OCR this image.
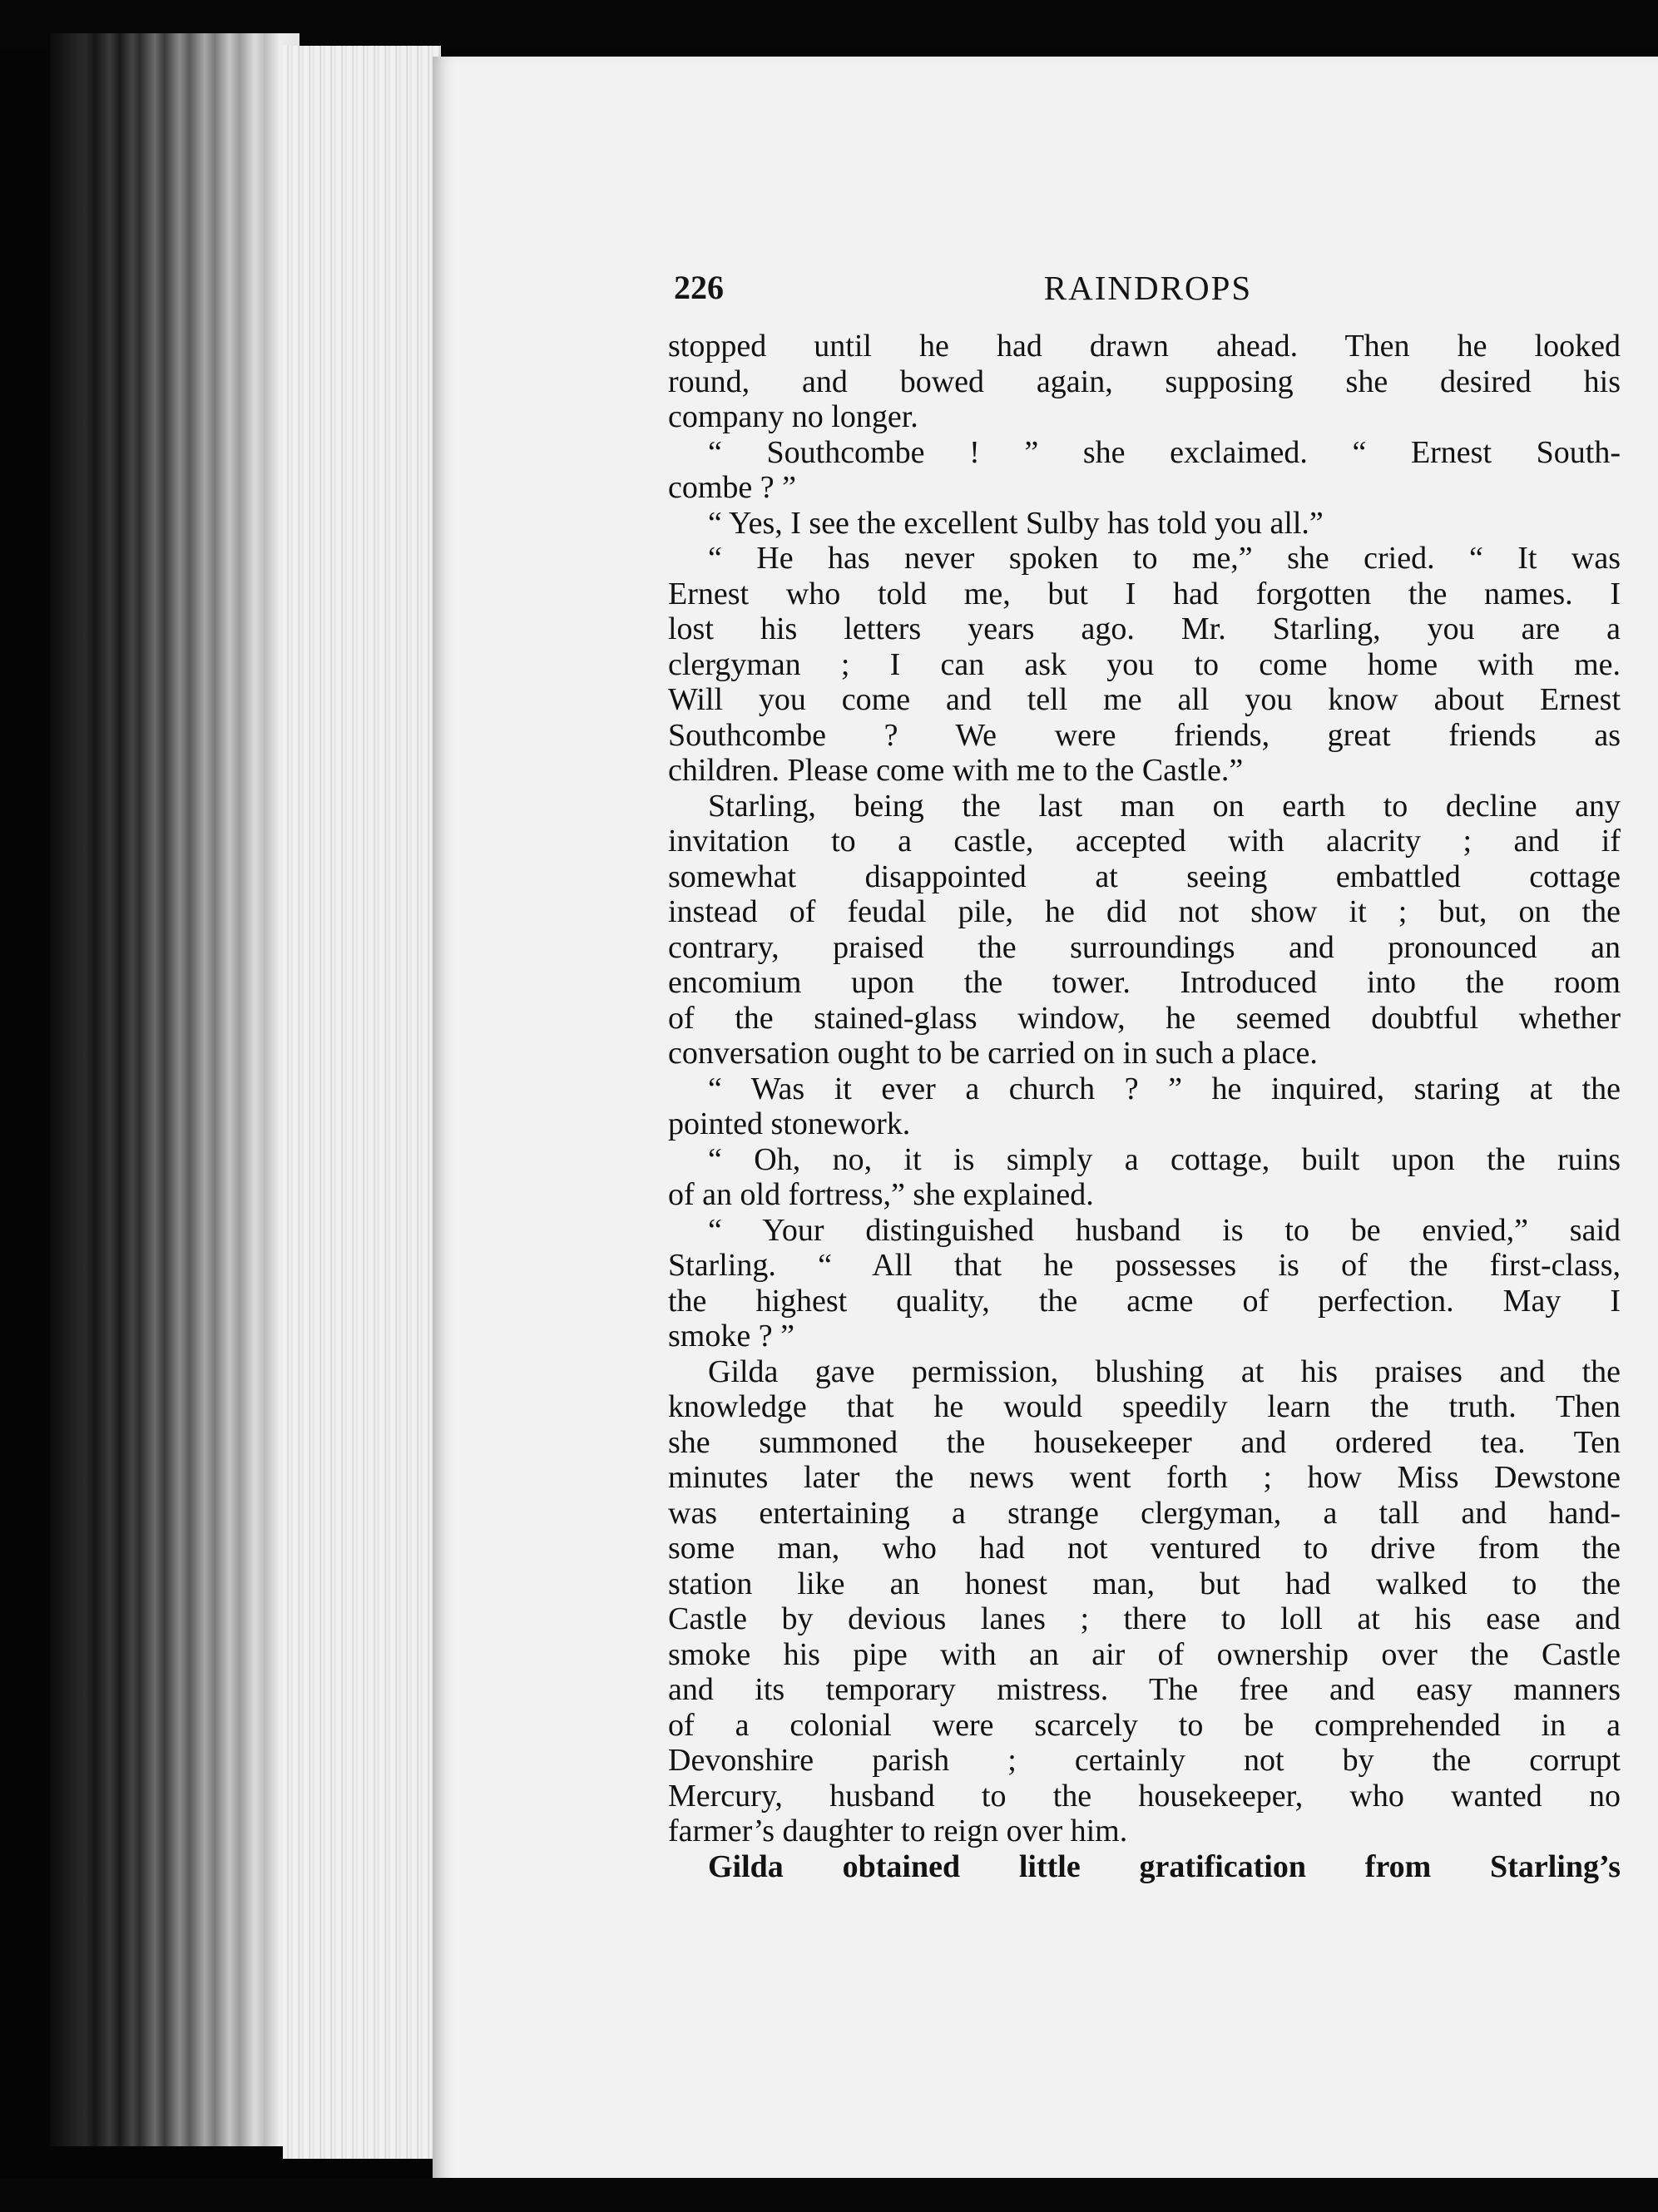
226	RAINDROPS
stopped until he had drawn ahead. Then he looked
round, and bowed again, supposing she desired his
company no longer.
“ Southcombe ! ” she exclaimed. “ Ernest South-
combe ? ”
“ Yes, I see the excellent Sulby has told you all.”
“ He has never spoken to me,” she cried. “ It was
Ernest who told me, but I had forgotten the names. I
lost his letters years ago. Mr. Starling, you are a
clergyman ; I can ask you to come home with me.
Will you come and tell me all you know about Ernest
Southcombe ? We were friends, great friends as
children. Please come with me to the Castle.”
Starling, being the last man on earth to decline any
invitation to a castle, accepted with alacrity ; and if
somewhat disappointed at seeing embattled cottage
instead of feudal pile, he did not show it ; but, on the
contrary, praised the surroundings and pronounced an
encomium upon the tower. Introduced into the room
of the stained-glass window, he seemed doubtful whether
conversation ought to be carried on in such a place.
“ Was it ever a church ? ” he inquired, staring at the
pointed stonework.
“ Oh, no, it is simply a cottage, built upon the ruins
of an old fortress,” she explained.
“ Your distinguished husband is to be envied,” said
Starling. “ All that he possesses is of the first-class,
the highest quality, the acme of perfection. May I
smoke ? ”
Gilda gave permission, blushing at his praises and the
knowledge that he would speedily learn the truth. Then
she summoned the housekeeper and ordered tea. Ten
minutes later the news went forth ; how Miss Dewstone
was entertaining a strange clergyman, a tall and hand-
some man, who had not ventured to drive from the
station like an honest man, but had walked to the
Castle by devious lanes ; there to loll at his ease and
smoke his pipe with an air of ownership over the Castle
and its temporary mistress. The free and easy manners
of a colonial were scarcely to be comprehended in a
Devonshire parish ; certainly not by the corrupt
Mercury, husband to the housekeeper, who wanted no
farmer’s daughter to reign over him.
Gilda obtained little gratification from Starling’s
